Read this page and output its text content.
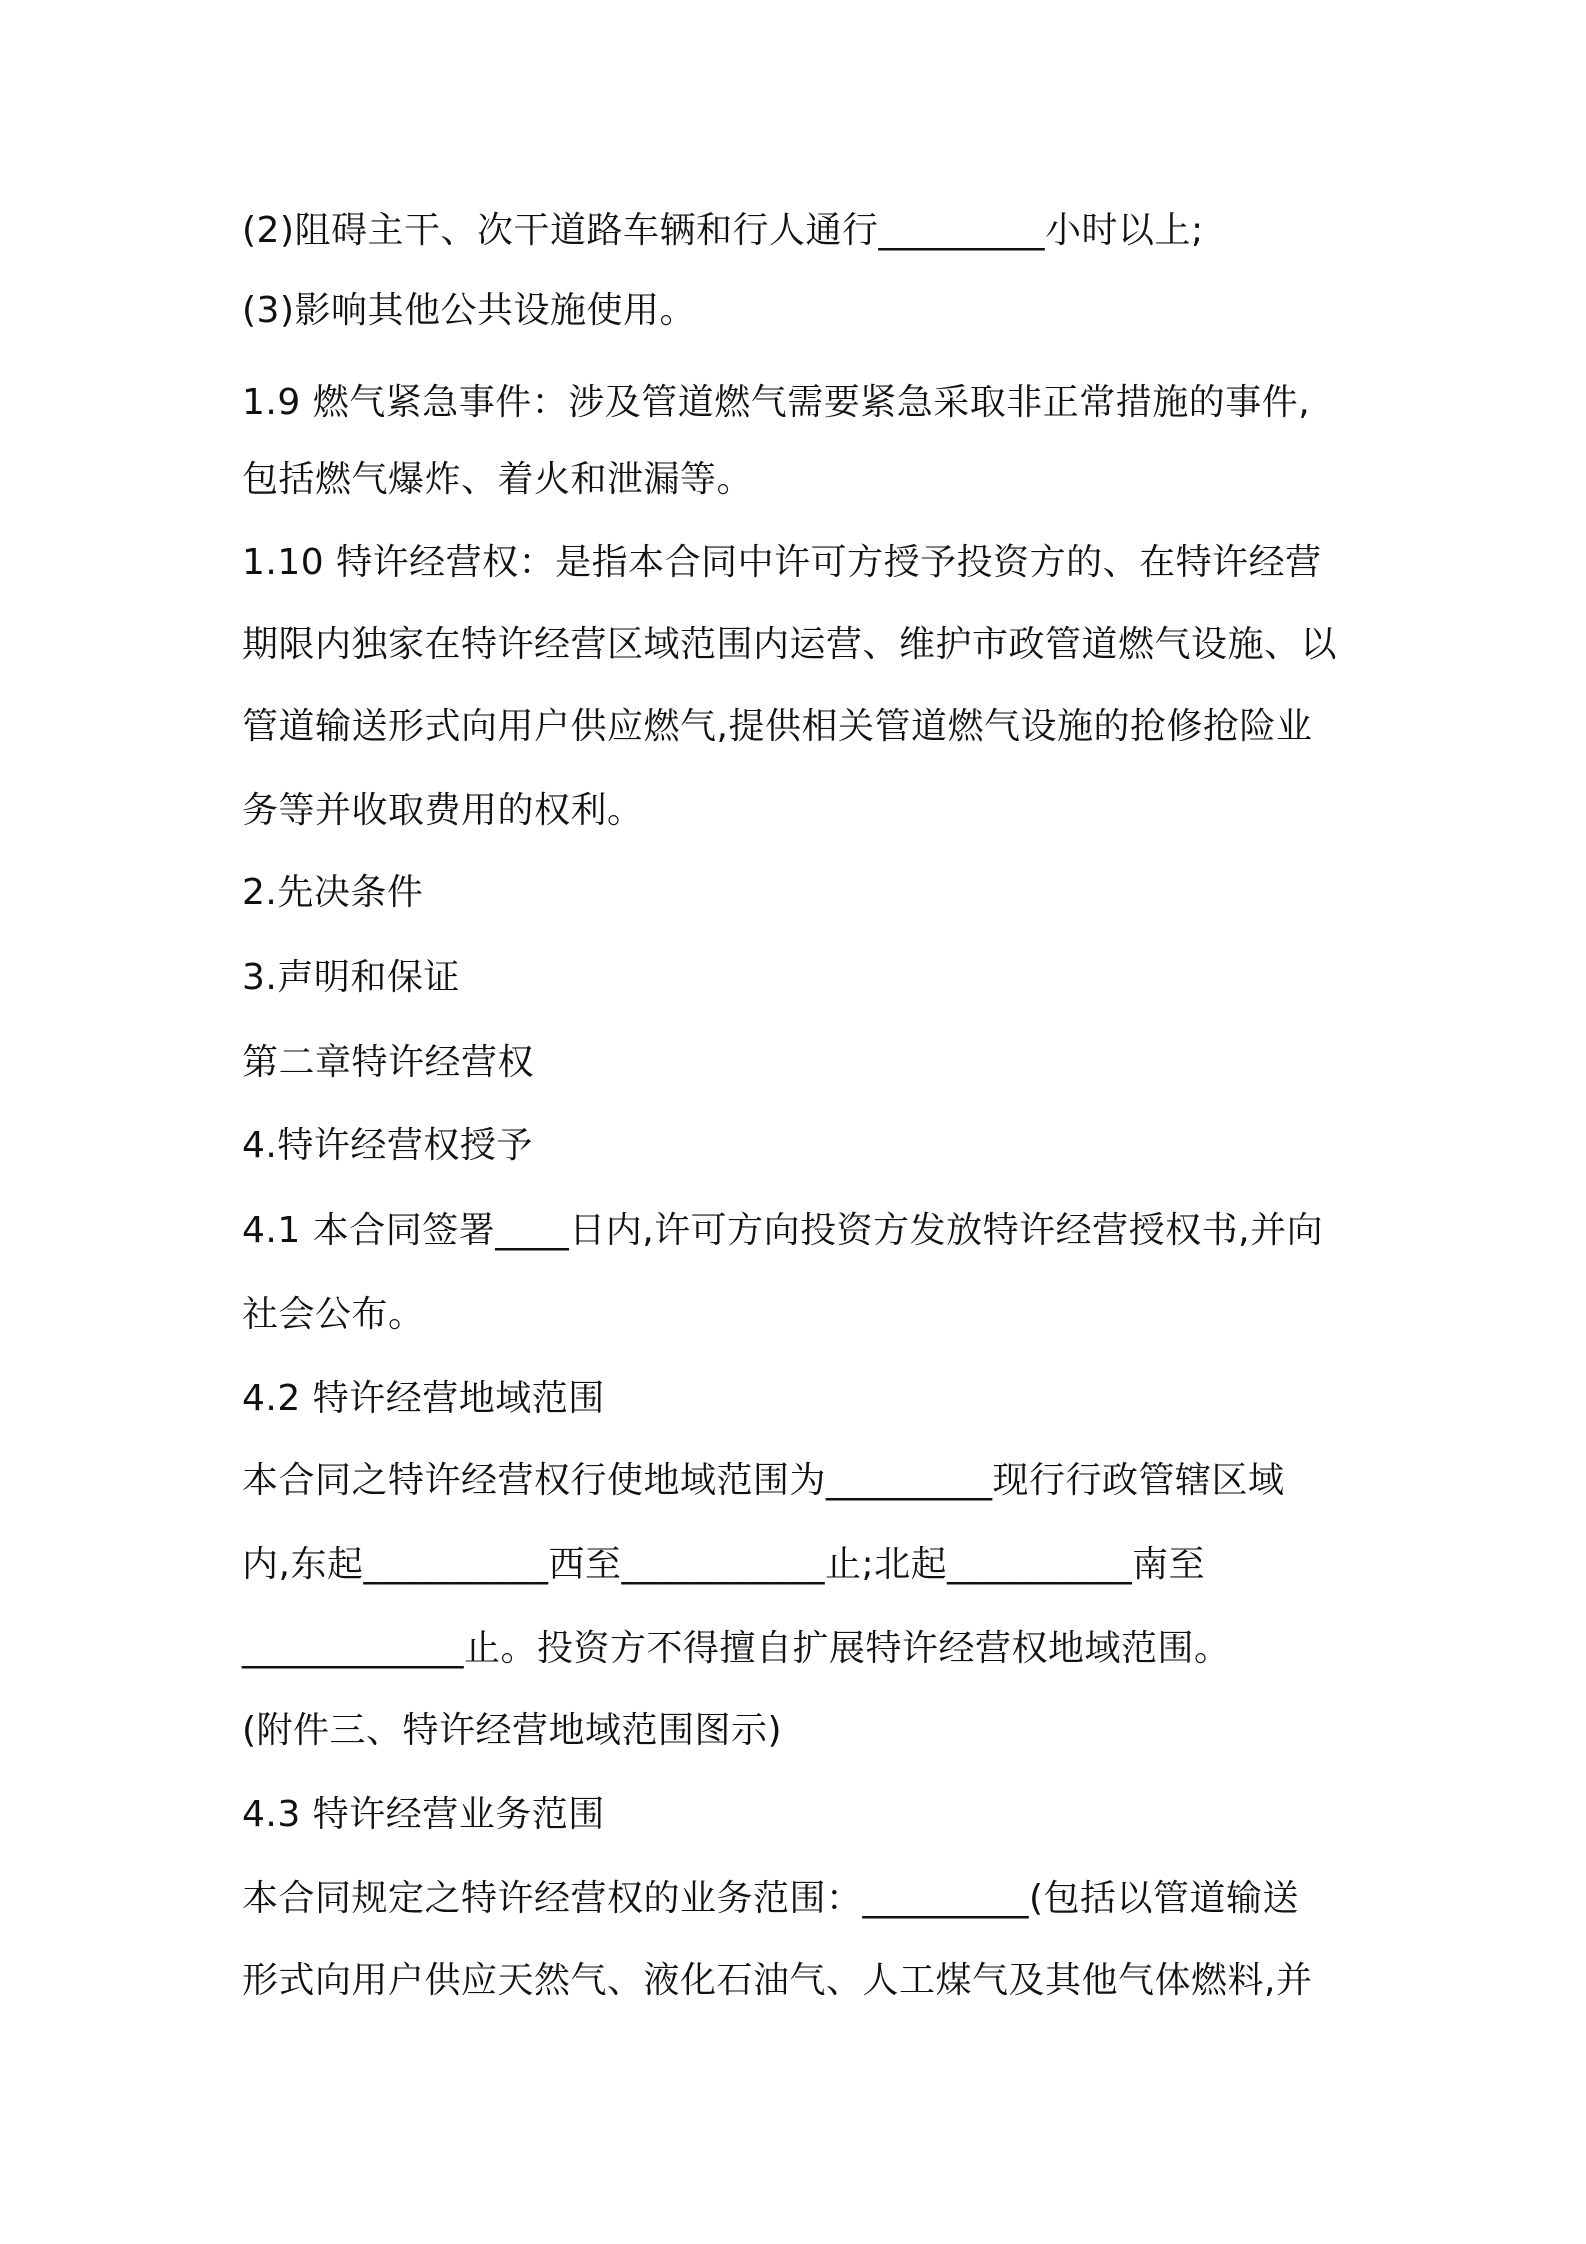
(2)阻碍主干、次干道路车辆和行人通行_________小时以上;
(3)影响其他公共设施使用。
1.9 燃气紧急事件：涉及管道燃气需要紧急采取非正常措施的事件,
包括燃气爆炸、着火和泄漏等。
1.10 特许经营权：是指本合同中许可方授予投资方的、在特许经营
期限内独家在特许经营区域范围内运营、维护市政管道燃气设施、以
管道输送形式向用户供应燃气,提供相关管道燃气设施的抢修抢险业
务等并收取费用的权利。
2.先决条件
3.声明和保证
第二章特许经营权
4.特许经营权授予
4.1 本合同签署____日内,许可方向投资方发放特许经营授权书,并向
社会公布。
4.2 特许经营地域范围
本合同之特许经营权行使地域范围为_________现行行政管辖区域
内,东起__________西至___________止;北起__________南至
____________止。投资方不得擅自扩展特许经营权地域范围。
(附件三、特许经营地域范围图示)
4.3 特许经营业务范围
本合同规定之特许经营权的业务范围：_________(包括以管道输送
形式向用户供应天然气、液化石油气、人工煤气及其他气体燃料,并
